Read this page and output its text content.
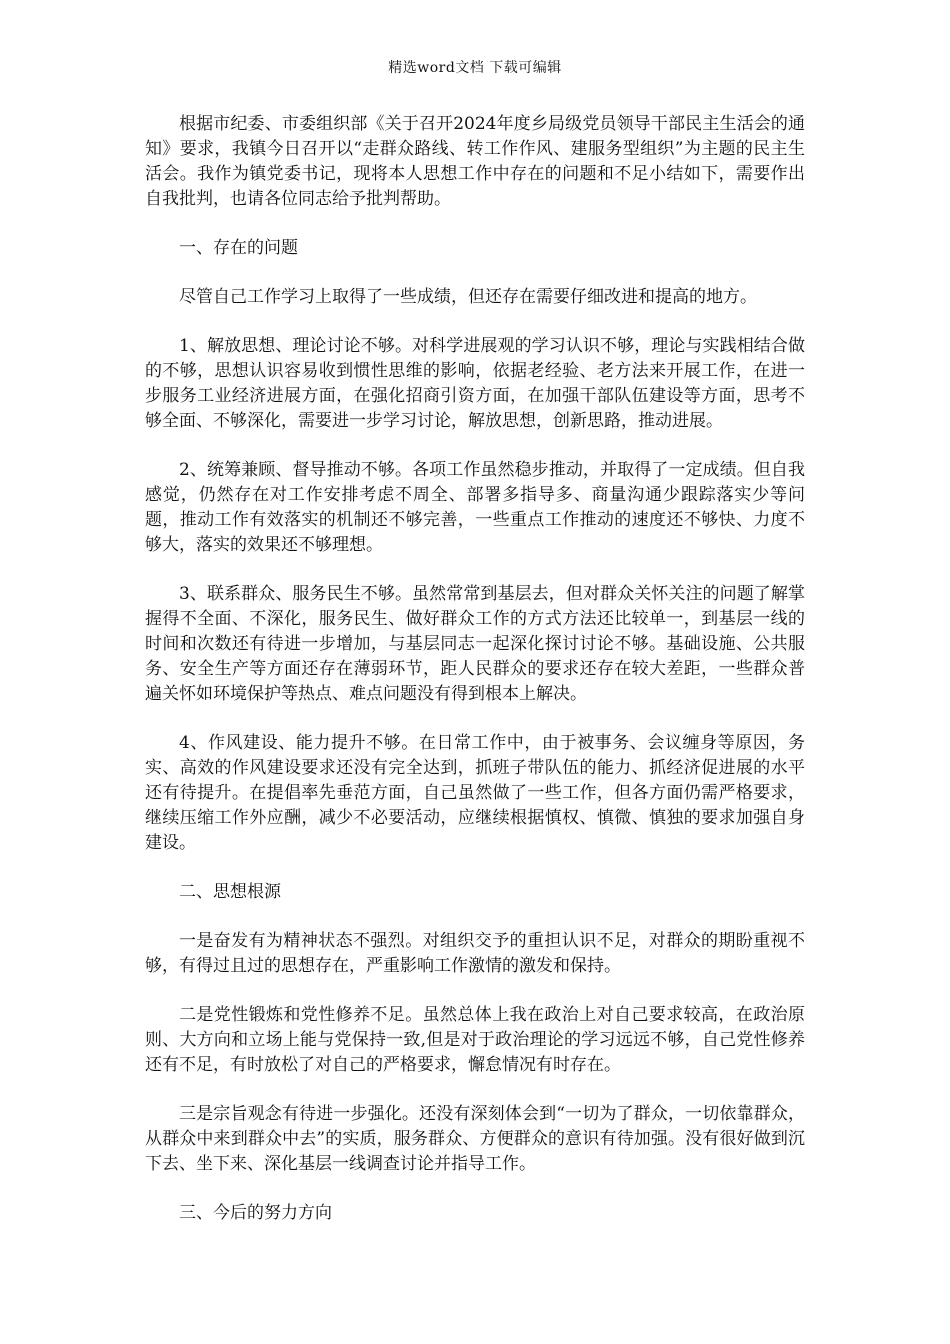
精选word文档 下载可编辑

根据市纪委、市委组织部《关于召开2024年度乡局级党员领导干部民主生活会的通知》要求，我镇今日召开以“走群众路线、转工作作风、建服务型组织”为主题的民主生活会。我作为镇党委书记，现将本人思想工作中存在的问题和不足小结如下，需要作出自我批判，也请各位同志给予批判帮助。

一、存在的问题

尽管自己工作学习上取得了一些成绩，但还存在需要仔细改进和提高的地方。

1、解放思想、理论讨论不够。对科学进展观的学习认识不够，理论与实践相结合做的不够，思想认识容易收到惯性思维的影响，依据老经验、老方法来开展工作，在进一步服务工业经济进展方面，在强化招商引资方面，在加强干部队伍建设等方面，思考不够全面、不够深化，需要进一步学习讨论，解放思想，创新思路，推动进展。

2、统筹兼顾、督导推动不够。各项工作虽然稳步推动，并取得了一定成绩。但自我感觉，仍然存在对工作安排考虑不周全、部署多指导多、商量沟通少跟踪落实少等问题，推动工作有效落实的机制还不够完善，一些重点工作推动的速度还不够快、力度不够大，落实的效果还不够理想。

3、联系群众、服务民生不够。虽然常常到基层去，但对群众关怀关注的问题了解掌握得不全面、不深化，服务民生、做好群众工作的方式方法还比较单一，到基层一线的时间和次数还有待进一步增加，与基层同志一起深化探讨讨论不够。基础设施、公共服务、安全生产等方面还存在薄弱环节，距人民群众的要求还存在较大差距，一些群众普遍关怀如环境保护等热点、难点问题没有得到根本上解决。

4、作风建设、能力提升不够。在日常工作中，由于被事务、会议缠身等原因，务实、高效的作风建设要求还没有完全达到，抓班子带队伍的能力、抓经济促进展的水平还有待提升。在提倡率先垂范方面，自己虽然做了一些工作，但各方面仍需严格要求，继续压缩工作外应酬，减少不必要活动，应继续根据慎权、慎微、慎独的要求加强自身建设。

二、思想根源

一是奋发有为精神状态不强烈。对组织交予的重担认识不足，对群众的期盼重视不够，有得过且过的思想存在，严重影响工作激情的激发和保持。

二是党性锻炼和党性修养不足。虽然总体上我在政治上对自己要求较高，在政治原则、大方向和立场上能与党保持一致,但是对于政治理论的学习远远不够，自己党性修养还有不足，有时放松了对自己的严格要求，懈怠情况有时存在。

三是宗旨观念有待进一步强化。还没有深刻体会到“一切为了群众，一切依靠群众，从群众中来到群众中去”的实质，服务群众、方便群众的意识有待加强。没有很好做到沉下去、坐下来、深化基层一线调查讨论并指导工作。

三、今后的努力方向
